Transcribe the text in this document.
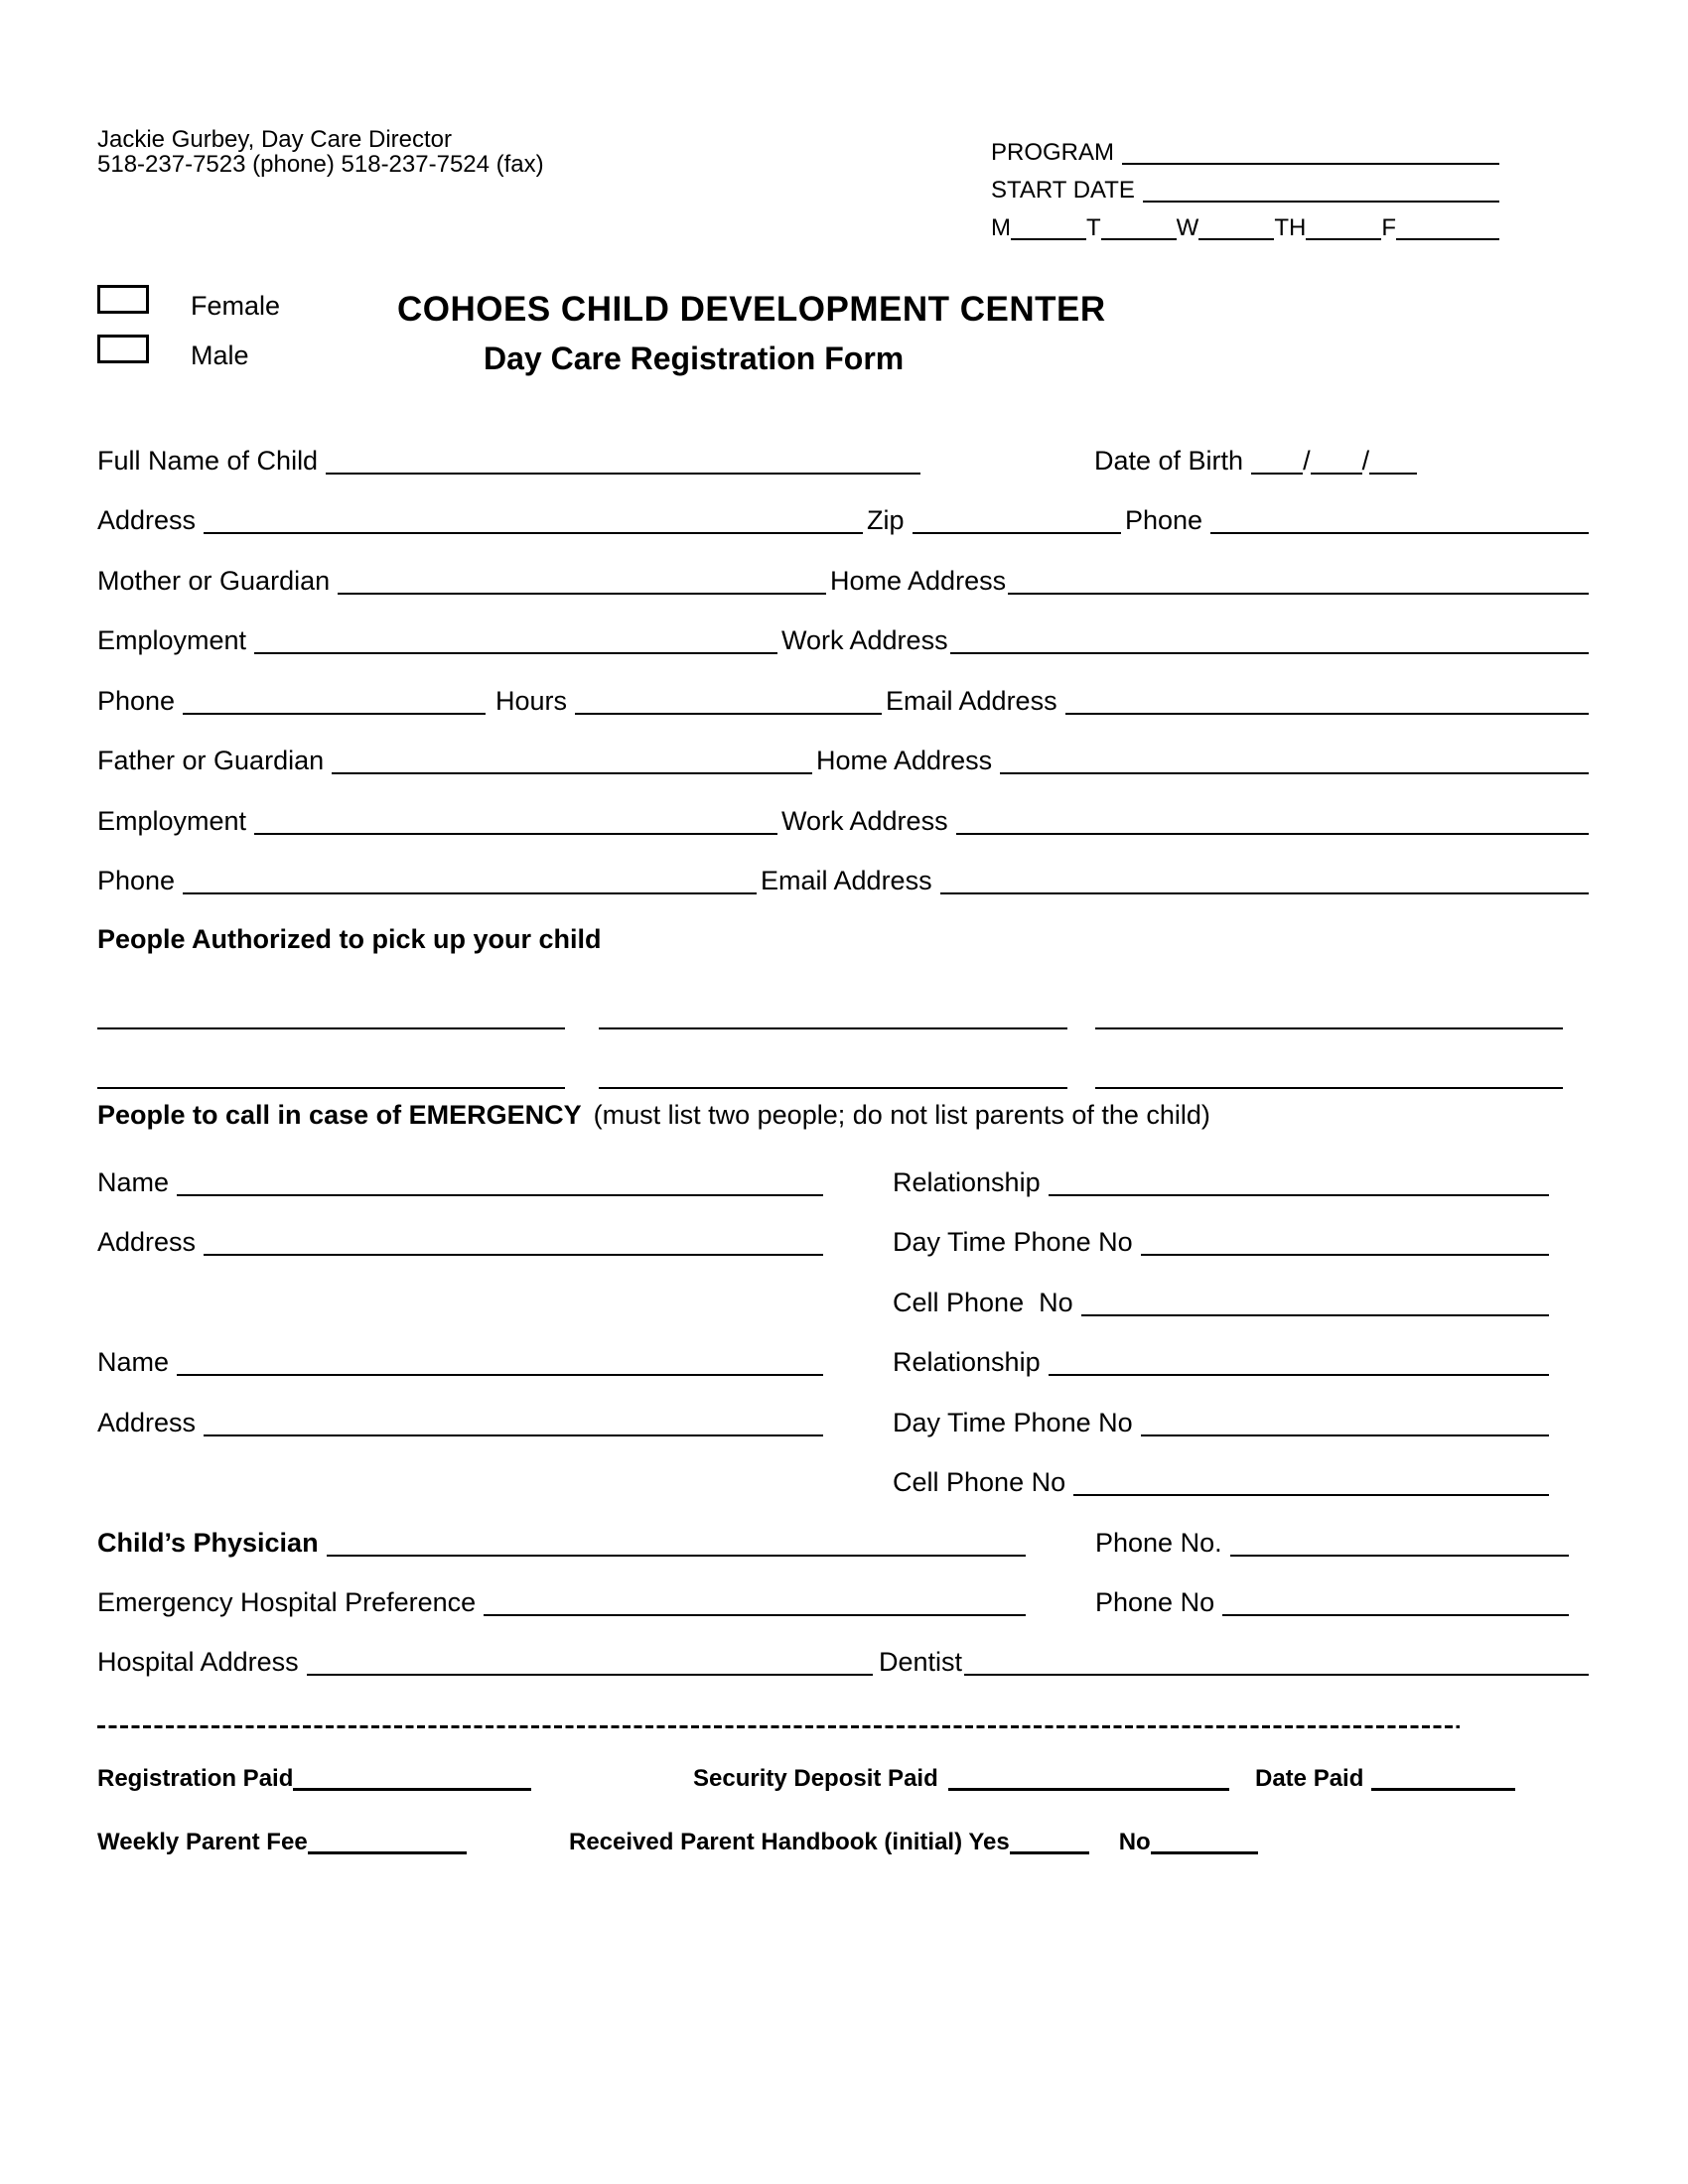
Jackie Gurbey, Day Care Director
518-237-7523 (phone) 518-237-7524 (fax)	PROGRAM
START DATE
M	T	W	TH	F
Female
Male
COHOES CHILD DEVELOPMENT CENTER
Day Care Registration Form
Full Name of Child	Date of Birth / /
Address	Zip	Phone
Mother or Guardian	Home Address
Employment	Work Address
Phone	Hours	Email Address
Father or Guardian	Home Address
Employment	Work Address
Phone	Email Address
People Authorized to pick up your child
People to call in case of EMERGENCY (must list two people; do not list parents of the child)
Name	Relationship
Address	Day Time Phone No
Cell Phone  No
Name	Relationship
Address	Day Time Phone No
Cell Phone No
Child’s Physician	Phone No.
Emergency Hospital Preference	Phone No
Hospital Address	Dentist
Registration Paid	Security Deposit Paid	Date Paid
Weekly Parent Fee	Received Parent Handbook (initial) Yes	No
